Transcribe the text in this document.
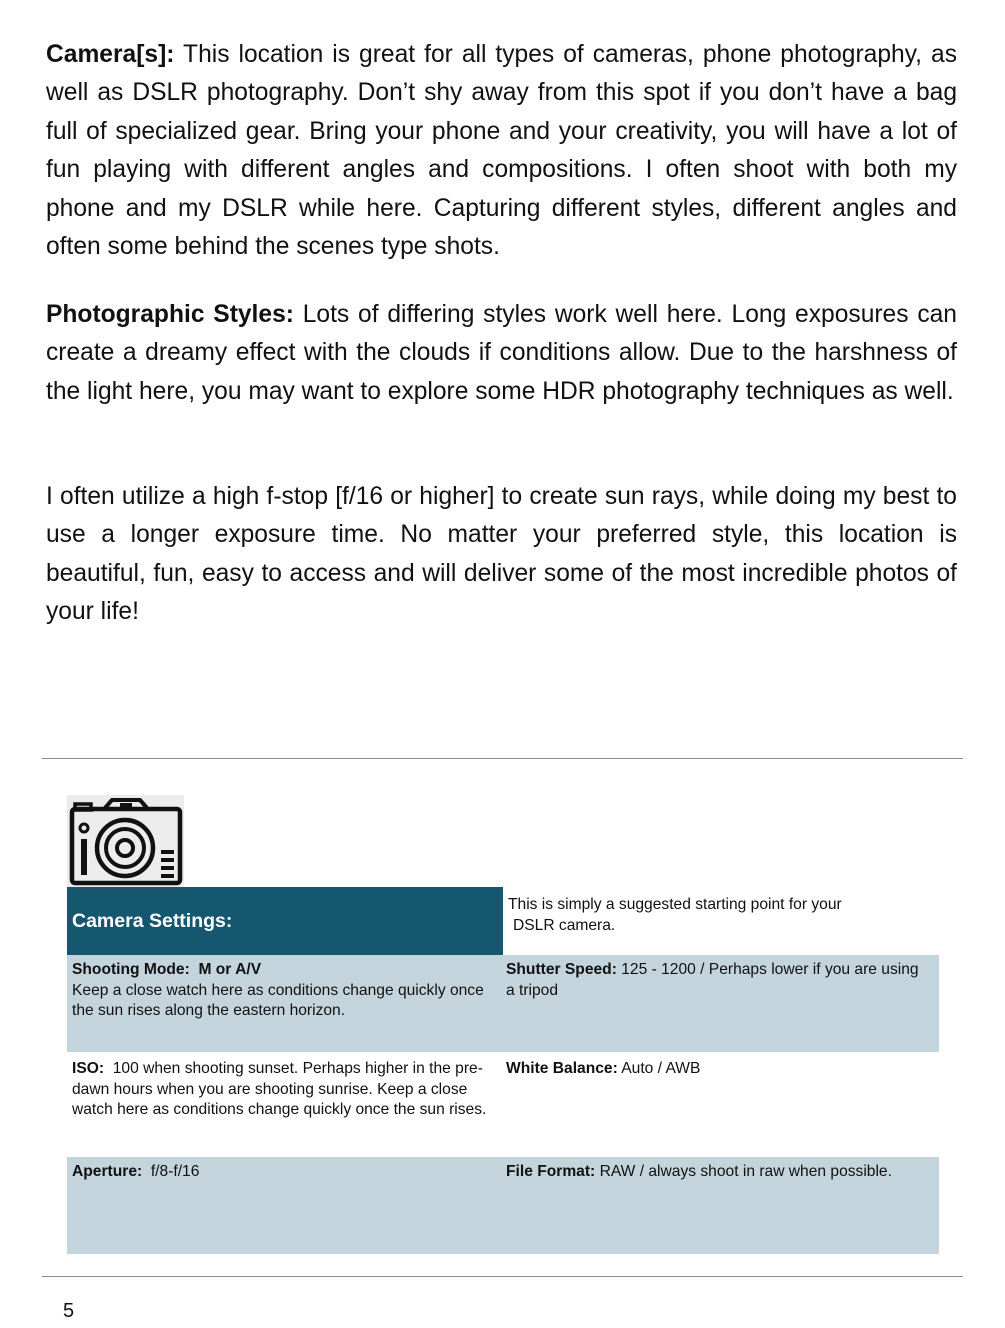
Camera[s]: This location is great for all types of cameras, phone photography, as well as DSLR photography. Don’t shy away from this spot if you don’t have a bag full of specialized gear. Bring your phone and your creativity, you will have a lot of fun playing with different angles and compositions. I often shoot with both my phone and my DSLR while here. Capturing different styles, different angles and often some behind the scenes type shots.

Photographic Styles: Lots of differing styles work well here. Long exposures can create a dreamy effect with the clouds if conditions allow. Due to the harshness of the light here, you may want to explore some HDR photography techniques as well.

I often utilize a high f-stop [f/16 or higher] to create sun rays, while doing my best to use a longer exposure time. No matter your preferred style, this location is beautiful, fun, easy to access and will deliver some of the most incredible photos of your life!

Camera Settings:	This is simply a suggested starting point for your
DSLR camera.

Shooting Mode:  M or A/V
Keep a close watch here as conditions change quickly once the sun rises along the eastern horizon.	Shutter Speed: 125 - 1200 / Perhaps lower if you are using a tripod

ISO:  100 when shooting sunset. Perhaps higher in the pre-dawn hours when you are shooting sunrise. Keep a close watch here as conditions change quickly once the sun rises.	White Balance: Auto / AWB
Aperture:  f/8-f/16	File Format: RAW / always shoot in raw when possible.
5
